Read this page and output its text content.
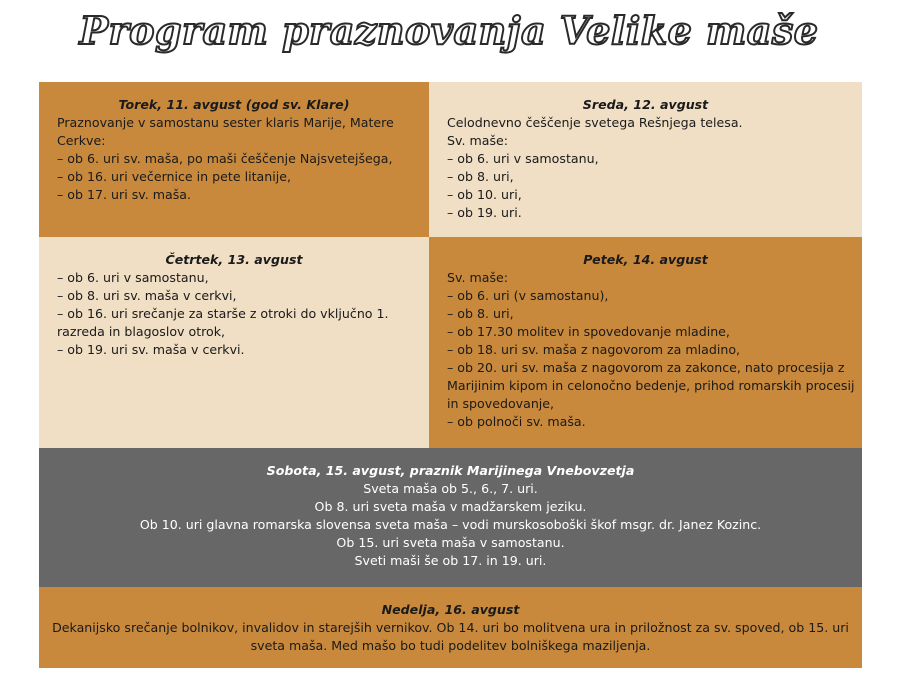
Program praznovanja Velike maše
Torek, 11. avgust (god sv. Klare)
Praznovanje v samostanu sester klaris Marije, Matere
Cerkve:
– ob 6. uri sv. maša, po maši češčenje Najsvetejšega,
– ob 16. uri večernice in pete litanije,
– ob 17. uri sv. maša.
Sreda, 12. avgust
Celodnevno češčenje svetega Rešnjega telesa.
Sv. maše:
– ob 6. uri v samostanu,
– ob 8. uri,
– ob 10. uri,
– ob 19. uri.
Četrtek, 13. avgust
– ob 6. uri v samostanu,
– ob 8. uri sv. maša v cerkvi,
– ob 16. uri srečanje za starše z otroki do vključno 1.
razreda in blagoslov otrok,
– ob 19. uri sv. maša v cerkvi.
Petek, 14. avgust
Sv. maše:
– ob 6. uri (v samostanu),
– ob 8. uri,
– ob 17.30 molitev in spovedovanje mladine,
– ob 18. uri sv. maša z nagovorom za mladino,
– ob 20. uri sv. maša z nagovorom za zakonce, nato procesija z
Marijinim kipom in celonočno bedenje, prihod romarskih procesij
in spovedovanje,
– ob polnoči sv. maša.
Sobota, 15. avgust, praznik Marijinega Vnebovzetja
Sveta maša ob 5., 6., 7. uri.
Ob 8. uri sveta maša v madžarskem jeziku.
Ob 10. uri glavna romarska slovensa sveta maša – vodi murskosoboški škof msgr. dr. Janez Kozinc.
Ob 15. uri sveta maša v samostanu.
Sveti maši še ob 17. in 19. uri.
Nedelja, 16. avgust
Dekanijsko srečanje bolnikov, invalidov in starejših vernikov. Ob 14. uri bo molitvena ura in priložnost za sv. spoved, ob 15. uri
sveta maša. Med mašo bo tudi podelitev bolniškega maziljenja.
